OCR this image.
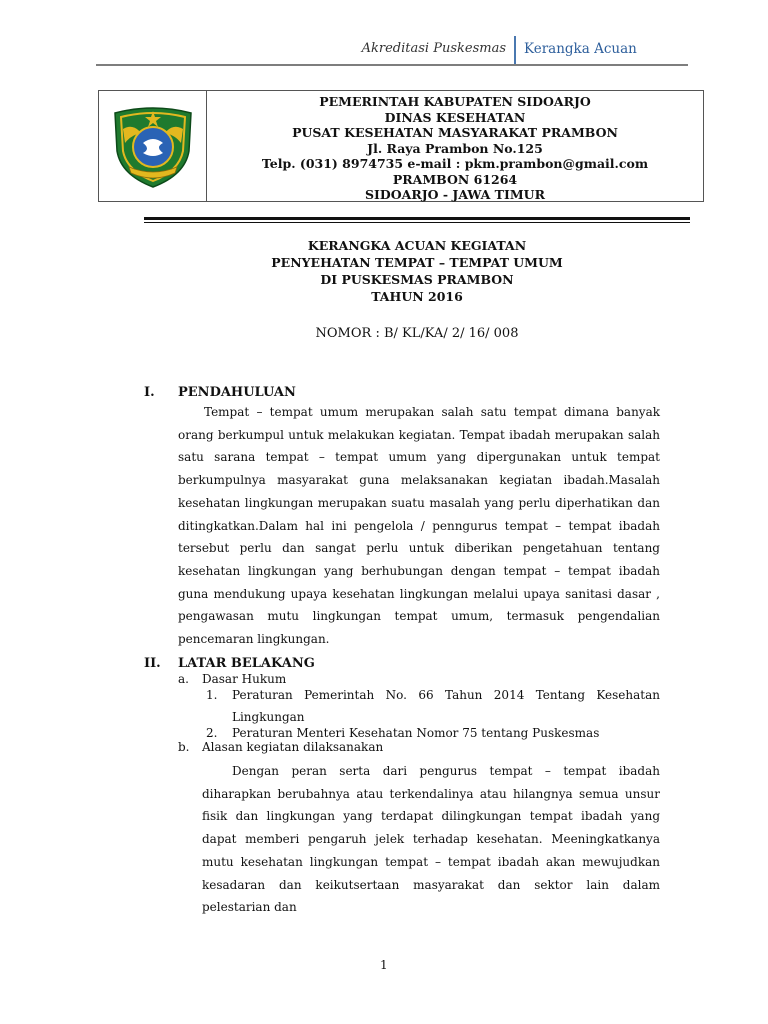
Akreditasi Puskesmas Kerangka Acuan
PEMERINTAH KABUPATEN SIDOARJO
DINAS KESEHATAN
PUSAT KESEHATAN MASYARAKAT PRAMBON
Jl. Raya Prambon No.125
Telp. (031) 8974735 e-mail : pkm.prambon@gmail.com
PRAMBON 61264
SIDOARJO - JAWA TIMUR
KERANGKA ACUAN KEGIATAN
PENYEHATAN TEMPAT – TEMPAT UMUM
DI PUSKESMAS PRAMBON
TAHUN 2016
NOMOR : B/ KL/KA/ 2/ 16/ 008
I. PENDAHULUAN
Tempat – tempat umum merupakan salah satu tempat dimana banyak orang berkumpul untuk melakukan kegiatan. Tempat ibadah merupakan salah satu sarana tempat – tempat umum yang dipergunakan untuk tempat berkumpulnya masyarakat guna melaksanakan kegiatan ibadah.Masalah kesehatan lingkungan merupakan suatu masalah yang perlu diperhatikan dan ditingkatkan.Dalam hal ini pengelola / penngurus tempat – tempat ibadah tersebut perlu dan sangat perlu untuk diberikan pengetahuan tentang kesehatan lingkungan yang berhubungan dengan tempat – tempat ibadah guna mendukung upaya kesehatan lingkungan melalui upaya sanitasi dasar , pengawasan mutu lingkungan tempat umum, termasuk pengendalian pencemaran lingkungan.
II. LATAR BELAKANG
a. Dasar Hukum
1. Peraturan Pemerintah No. 66 Tahun 2014 Tentang Kesehatan
Lingkungan
2. Peraturan Menteri Kesehatan Nomor 75 tentang Puskesmas
b. Alasan kegiatan dilaksanakan
Dengan peran serta dari pengurus tempat – tempat ibadah diharapkan berubahnya atau terkendalinya atau hilangnya semua unsur fisik dan lingkungan yang terdapat dilingkungan tempat ibadah yang dapat memberi pengaruh jelek terhadap kesehatan. Meeningkatkanya mutu kesehatan lingkungan tempat – tempat ibadah akan mewujudkan kesadaran dan keikutsertaan masyarakat dan sektor lain dalam pelestarian dan
1
